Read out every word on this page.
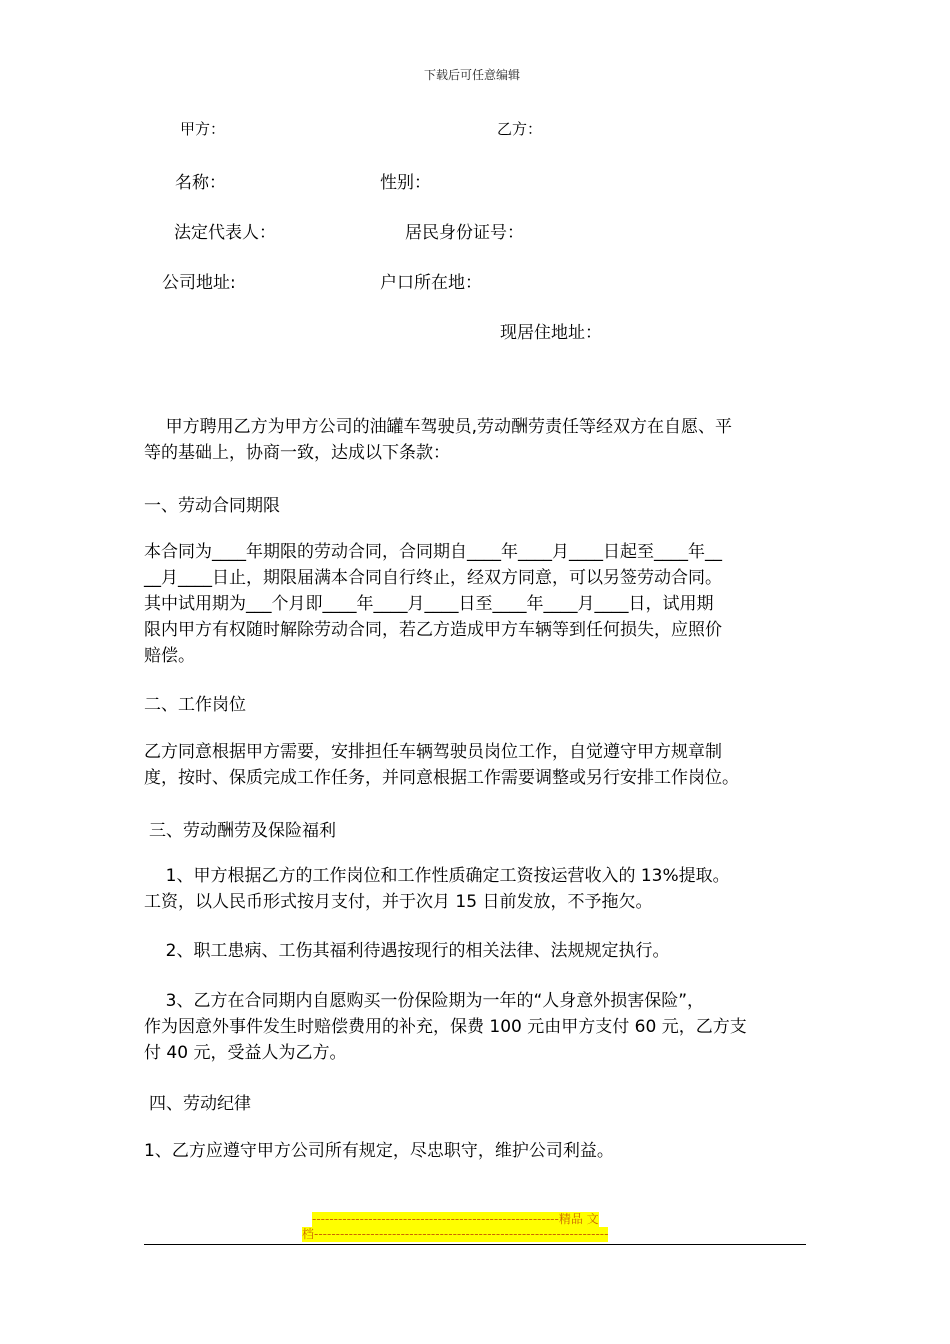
下载后可任意编辑
甲方：	乙方：
名称：	性别：
法定代表人：	居民身份证号：
公司地址:	户口所在地：
现居住地址：
甲方聘用乙方为甲方公司的油罐车驾驶员,劳动酬劳责任等经双方在自愿、平
等的基础上，协商一致，达成以下条款：
一、劳动合同期限
本合同为____年期限的劳动合同，合同期自____年____月____日起至____年__
__月____日止，期限届满本合同自行终止，经双方同意，可以另签劳动合同。
其中试用期为___个月即____年____月____日至____年____月____日，试用期
限内甲方有权随时解除劳动合同，若乙方造成甲方车辆等到任何损失，应照价
赔偿。
二、工作岗位
乙方同意根据甲方需要，安排担任车辆驾驶员岗位工作，自觉遵守甲方规章制
度，按时、保质完成工作任务，并同意根据工作需要调整或另行安排工作岗位。
三、劳动酬劳及保险福利
1、甲方根据乙方的工作岗位和工作性质确定工资按运营收入的 13%提取。
工资，以人民币形式按月支付，并于次月 15 日前发放，不予拖欠。
2、职工患病、工伤其福利待遇按现行的相关法律、法规规定执行。
3、乙方在合同期内自愿购买一份保险期为一年的“人身意外损害保险”，
作为因意外事件发生时赔偿费用的补充，保费 100 元由甲方支付 60 元，乙方支
付 40 元，受益人为乙方。
四、劳动纪律
1、乙方应遵守甲方公司所有规定，尽忠职守，维护公司利益。
---------------------------------------------------------精品 文
档--------------------------------------------------------------------
